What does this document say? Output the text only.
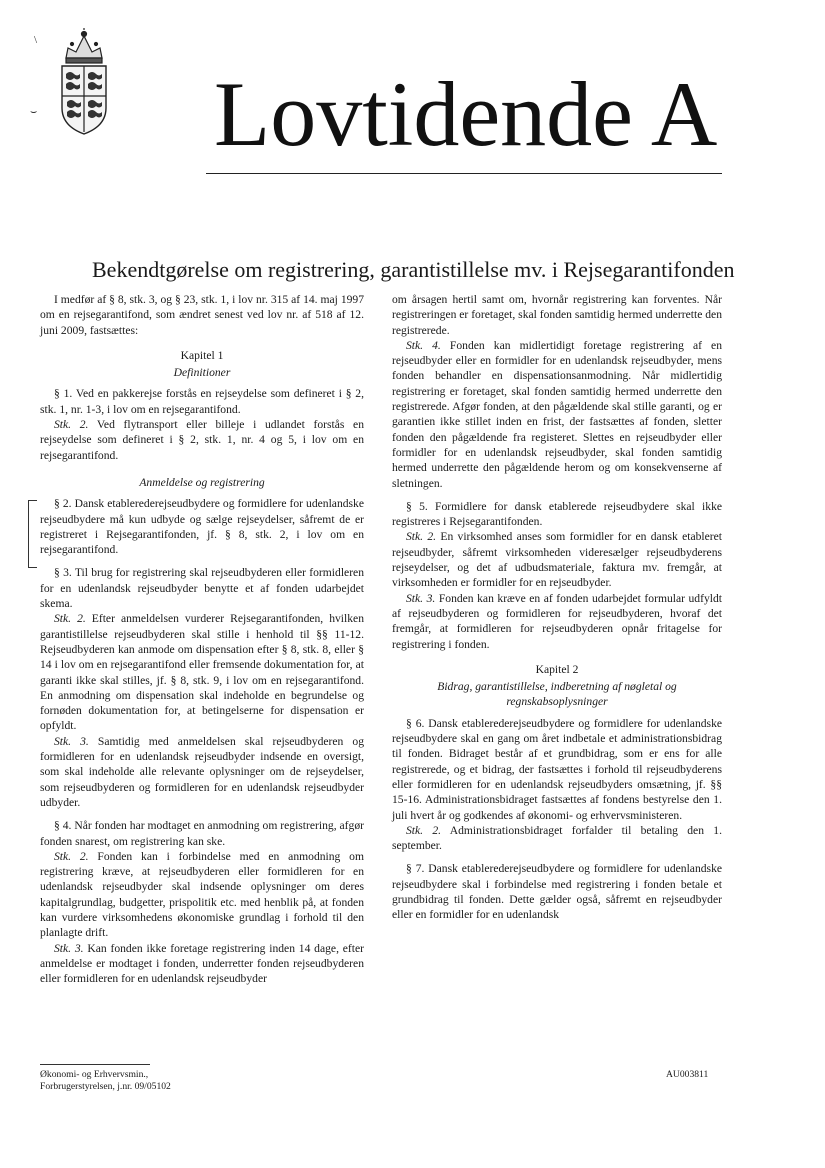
\
⌣ Lovtidende A
Bekendtgørelse om registrering, garantistillelse mv. i Rejsegarantifonden

I medfør af § 8, stk. 3, og § 23, stk. 1, i lov nr. 315 af 14. maj 1997 om en rejsegarantifond, som ændret senest ved lov nr. af 518 af 12. juni 2009, fastsættes:

Kapitel 1

Definitioner

§ 1. Ved en pakkerejse forstås en rejseydelse som defineret i § 2, stk. 1, nr. 1-3, i lov om en rejsegarantifond.

Stk. 2. Ved flytransport eller billeje i udlandet forstås en rejseydelse som defineret i § 2, stk. 1, nr. 4 og 5, i lov om en rejsegarantifond.

Anmeldelse og registrering

§ 2. Dansk etablerederejseudbydere og formidlere for udenlandske rejseudbydere må kun udbyde og sælge rejseydelser, såfremt de er registreret i Rejsegarantifonden, jf. § 8, stk. 2, i lov om en rejsegarantifond.

§ 3. Til brug for registrering skal rejseudbyderen eller formidleren for en udenlandsk rejseudbyder benytte et af fonden udarbejdet skema.

Stk. 2. Efter anmeldelsen vurderer Rejsegarantifonden, hvilken garantistillelse rejseudbyderen skal stille i henhold til §§ 11-12. Rejseudbyderen kan anmode om dispensation efter § 8, stk. 8, eller § 14 i lov om en rejsegarantifond eller fremsende dokumentation for, at garanti ikke skal stilles, jf. § 8, stk. 9, i lov om en rejsegarantifond. En anmodning om dispensation skal indeholde en begrundelse og fornøden dokumentation for, at betingelserne for dispensation er opfyldt.

Stk. 3. Samtidig med anmeldelsen skal rejseudbyderen og formidleren for en udenlandsk rejseudbyder indsende en oversigt, som skal indeholde alle relevante oplysninger om de rejseydelser, som rejseudbyderen og formidleren for en udenlandsk rejseudbyder udbyder.

§ 4. Når fonden har modtaget en anmodning om registrering, afgør fonden snarest, om registrering kan ske.

Stk. 2. Fonden kan i forbindelse med en anmodning om registrering kræve, at rejseudbyderen eller formidleren for en udenlandsk rejseudbyder skal indsende oplysninger om deres kapitalgrundlag, budgetter, prispolitik etc. med henblik på, at fonden kan vurdere virksomhedens økonomiske grundlag i forhold til den planlagte drift.

Stk. 3. Kan fonden ikke foretage registrering inden 14 dage, efter anmeldelse er modtaget i fonden, underretter fonden rejseudbyderen eller formidleren for en udenlandsk rejseudbyder

om årsagen hertil samt om, hvornår registrering kan forventes. Når registreringen er foretaget, skal fonden samtidig hermed underrette den registrerede.

Stk. 4. Fonden kan midlertidigt foretage registrering af en rejseudbyder eller en formidler for en udenlandsk rejseudbyder, mens fonden behandler en dispensationsanmodning. Når midlertidig registrering er foretaget, skal fonden samtidig hermed underrette den registrerede. Afgør fonden, at den pågældende skal stille garanti, og er garantien ikke stillet inden en frist, der fastsættes af fonden, sletter fonden den pågældende fra registeret. Slettes en rejseudbyder eller formidler for en udenlandsk rejseudbyder, skal fonden samtidig hermed underrette den pågældende herom og om konsekvenserne af sletningen.

§ 5. Formidlere for dansk etablerede rejseudbydere skal ikke registreres i Rejsegarantifonden.

Stk. 2. En virksomhed anses som formidler for en dansk etableret rejseudbyder, såfremt virksomheden videresælger rejseudbyderens rejseydelser, og det af udbudsmateriale, faktura mv. fremgår, at virksomheden er formidler for en rejseudbyder.

Stk. 3. Fonden kan kræve en af fonden udarbejdet formular udfyldt af rejseudbyderen og formidleren for rejseudbyderen, hvoraf det fremgår, at formidleren for rejseudbyderen opnår fritagelse for registrering i fonden.

Kapitel 2

Bidrag, garantistillelse, indberetning af nøgletal og regnskabsoplysninger

§ 6. Dansk etablerederejseudbydere og formidlere for udenlandske rejseudbydere skal en gang om året indbetale et administrationsbidrag til fonden. Bidraget består af et grundbidrag, som er ens for alle registrerede, og et bidrag, der fastsættes i forhold til rejseudbyderens eller formidleren for en udenlandsk rejseudbyders omsætning, jf. §§ 15-16. Administrationsbidraget fastsættes af fondens bestyrelse den 1. juli hvert år og godkendes af økonomi- og erhvervsministeren.

Stk. 2. Administrationsbidraget forfalder til betaling den 1. september.

§ 7. Dansk etablerederejseudbydere og formidlere for udenlandske rejseudbydere skal i forbindelse med registrering i fonden betale et grundbidrag til fonden. Dette gælder også, såfremt en rejseudbyder eller en formidler for en udenlandsk

Økonomi- og Erhvervsmin.,
Forbrugerstyrelsen, j.nr. 09/05102
AU003811
